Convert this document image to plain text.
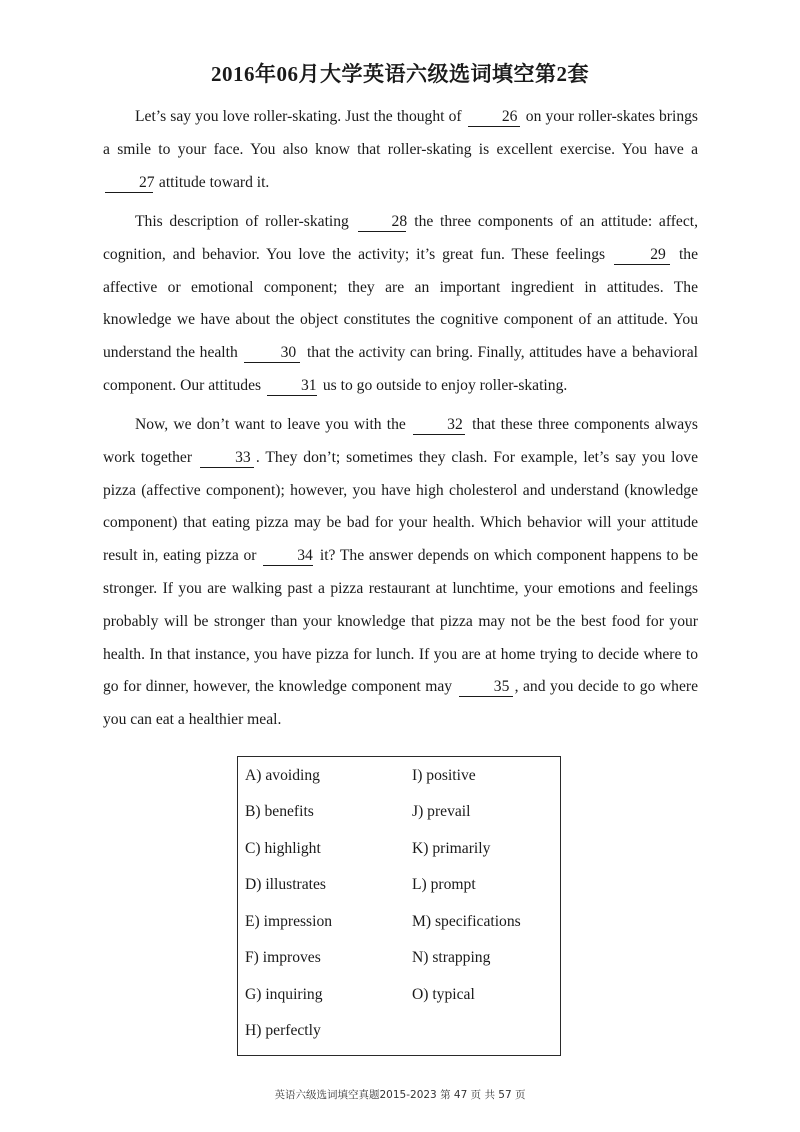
2016年06月大学英语六级选词填空第2套

Let’s say you love roller-skating. Just the thought of 26 on your roller-skates brings a smile to your face. You also know that roller-skating is excellent exercise. You have a 27 attitude toward it.

This description of roller-skating 28 the three components of an attitude: affect, cognition, and behavior. You love the activity; it’s great fun. These feelings 29 the affective or emotional component; they are an important ingredient in attitudes. The knowledge we have about the object constitutes the cognitive component of an attitude. You understand the health 30 that the activity can bring. Finally, attitudes have a behavioral component. Our attitudes 31 us to go outside to enjoy roller-skating.

Now, we don’t want to leave you with the 32 that these three components always work together 33 . They don’t; sometimes they clash. For example, let’s say you love pizza (affective component); however, you have high cholesterol and understand (knowledge component) that eating pizza may be bad for your health. Which behavior will your attitude result in, eating pizza or 34 it? The answer depends on which component happens to be stronger. If you are walking past a pizza restaurant at lunchtime, your emotions and feelings probably will be stronger than your knowledge that pizza may not be the best food for your health. In that instance, you have pizza for lunch. If you are at home trying to decide where to go for dinner, however, the knowledge component may 35 , and you decide to go where you can eat a healthier meal.

A) avoiding
B) benefits
C) highlight
D) illustrates
E) impression
F) improves
G) inquiring
H) perfectly
I) positive
J) prevail
K) primarily
L) prompt
M) specifications
N) strapping
O) typical
英语六级选词填空真题2015-2023 第 47 页 共 57 页
